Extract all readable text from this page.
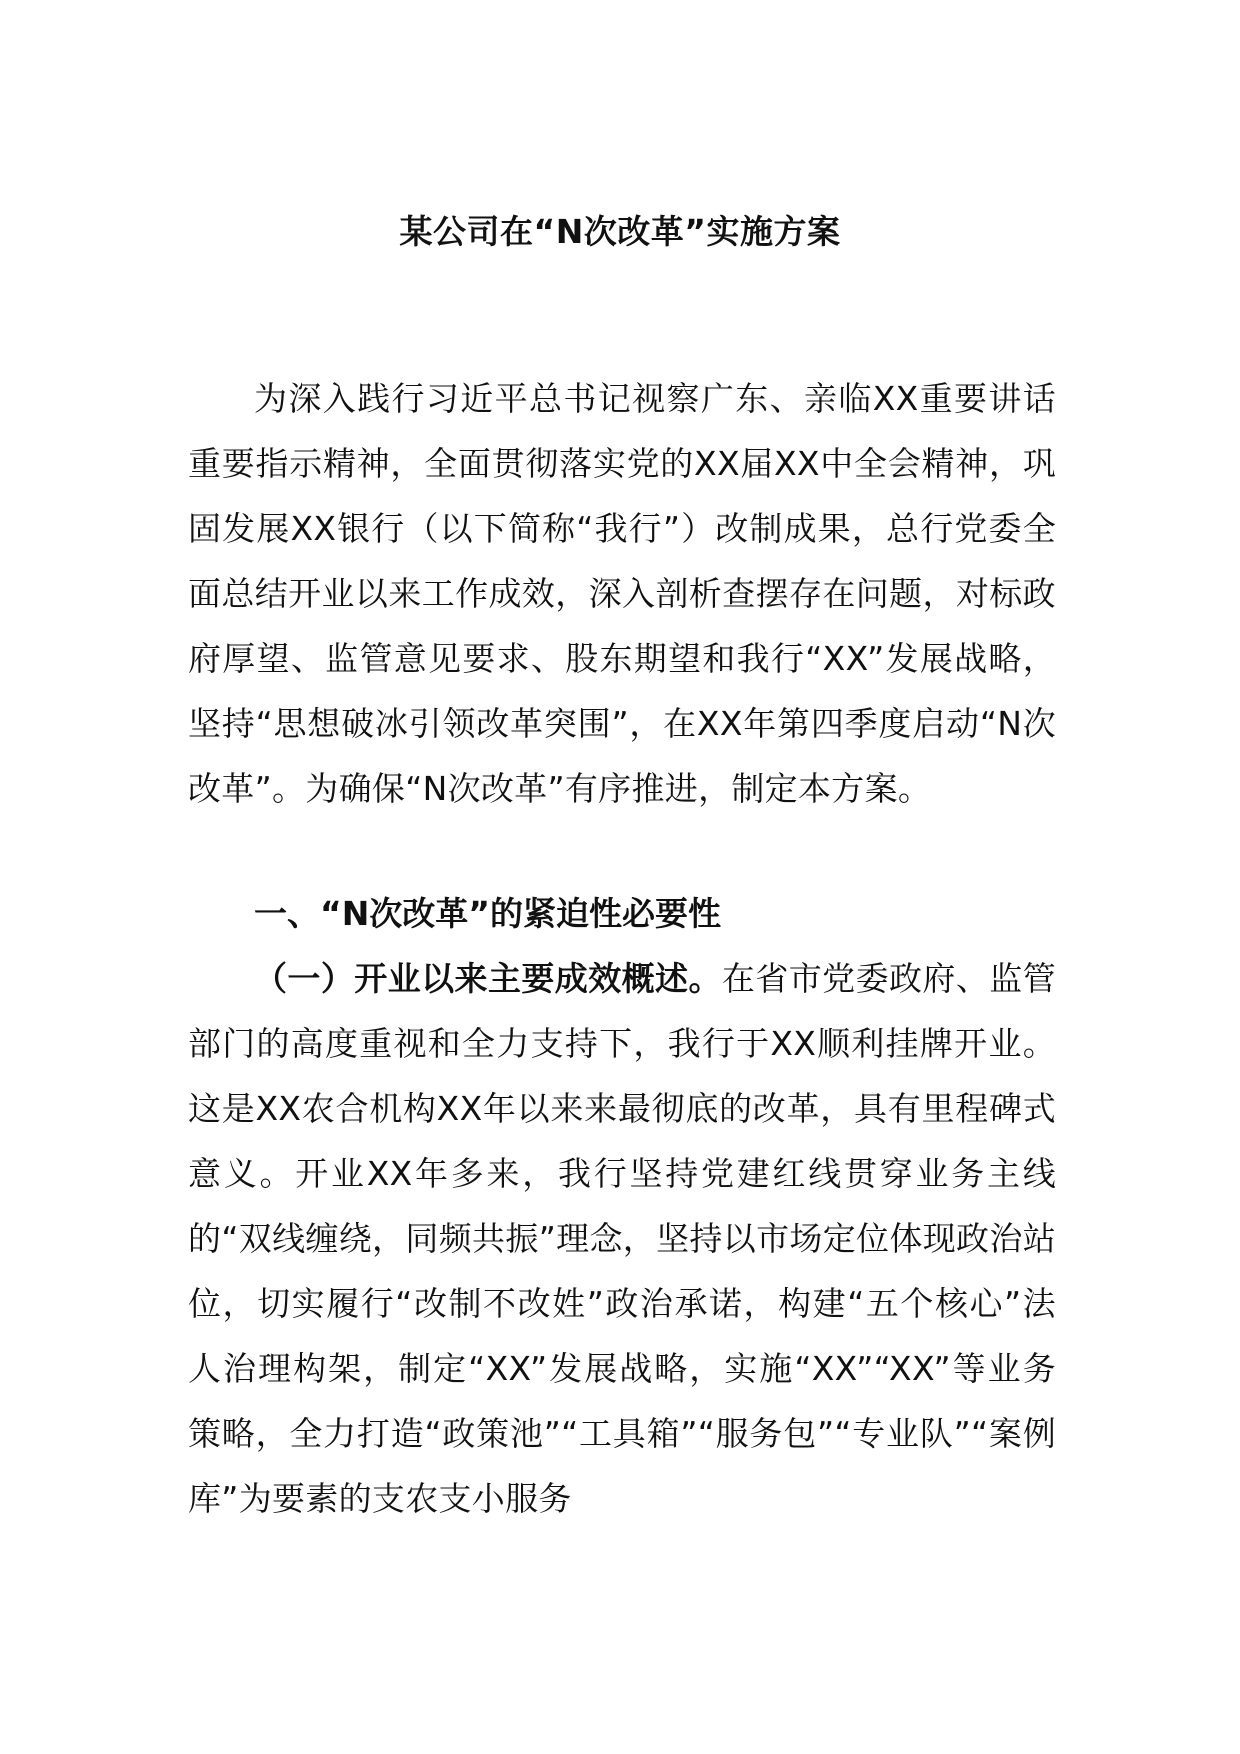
某公司在“N次改革”实施方案

为深入践行习近平总书记视察广东、亲临XX重要讲话重要指示精神，全面贯彻落实党的XX届XX中全会精神，巩固发展XX银行（以下简称“我行”）改制成果，总行党委全面总结开业以来工作成效，深入剖析查摆存在问题，对标政府厚望、监管意见要求、股东期望和我行“XX”发展战略，坚持“思想破冰引领改革突围”，在XX年第四季度启动“N次改革”。为确保“N次改革”有序推进，制定本方案。

一、“N次改革”的紧迫性必要性

（一）开业以来主要成效概述。在省市党委政府、监管部门的高度重视和全力支持下，我行于XX顺利挂牌开业。这是XX农合机构XX年以来来最彻底的改革，具有里程碑式意义。开业XX年多来，我行坚持党建红线贯穿业务主线的“双线缠绕，同频共振”理念，坚持以市场定位体现政治站位，切实履行“改制不改姓”政治承诺，构建“五个核心”法人治理构架，制定“XX”发展战略，实施“XX”“XX”等业务策略，全力打造“政策池”“工具箱”“服务包”“专业队”“案例库”为要素的支农支小服务
